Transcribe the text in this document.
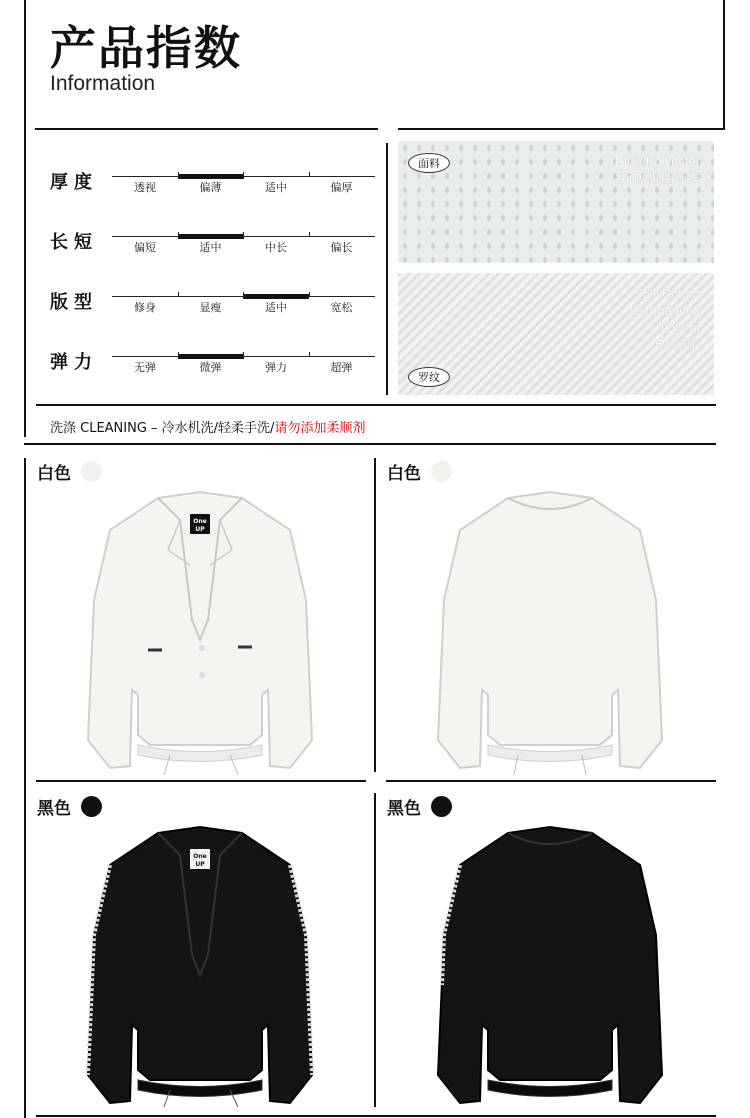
产品指数
Information
厚度	透视	偏薄	适中	偏厚
长短	偏短	适中	中长	偏长
版型	修身	显瘦	适中	宽松
弹力	无弹	微弹	弹力	超弹
面料	100%Polyester
100%聚酯纤维
95%Cotton
5%Spandex
95%棉
5%氨纶
罗纹
洗涤 CLEANING – 冷水机洗/轻柔手洗/请勿添加柔顺剂
白色	白色
黑色	黑色
One
UP
One
UP
